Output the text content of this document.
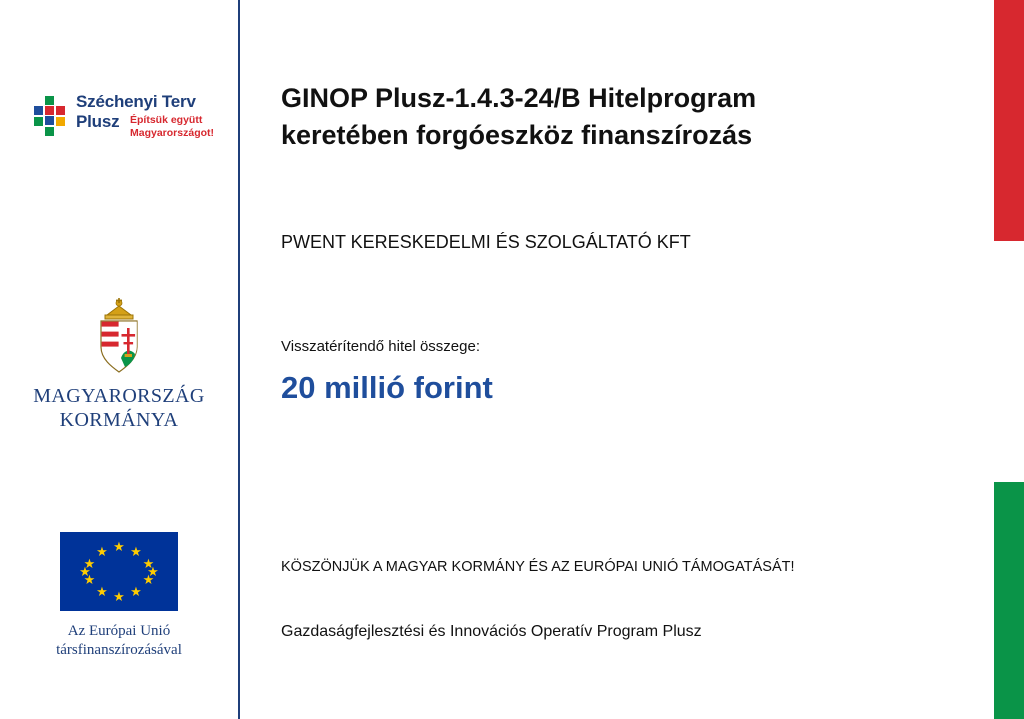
Széchenyi Terv
Plusz	Építsük együtt
Magyarországot!
MAGYARORSZÁG
KORMÁNYA
★ ★
★
★
★
★
★
★
★
★
★
★
Az Európai Unió
társfinanszírozásával
GINOP Plusz-1.4.3-24/B Hitelprogram
keretében forgóeszköz finanszírozás
PWENT KERESKEDELMI ÉS SZOLGÁLTATÓ KFT
Visszatérítendő hitel összege:
20 millió forint
KÖSZÖNJÜK A MAGYAR KORMÁNY ÉS AZ EURÓPAI UNIÓ TÁMOGATÁSÁT!
Gazdaságfejlesztési és Innovációs Operatív Program Plusz
